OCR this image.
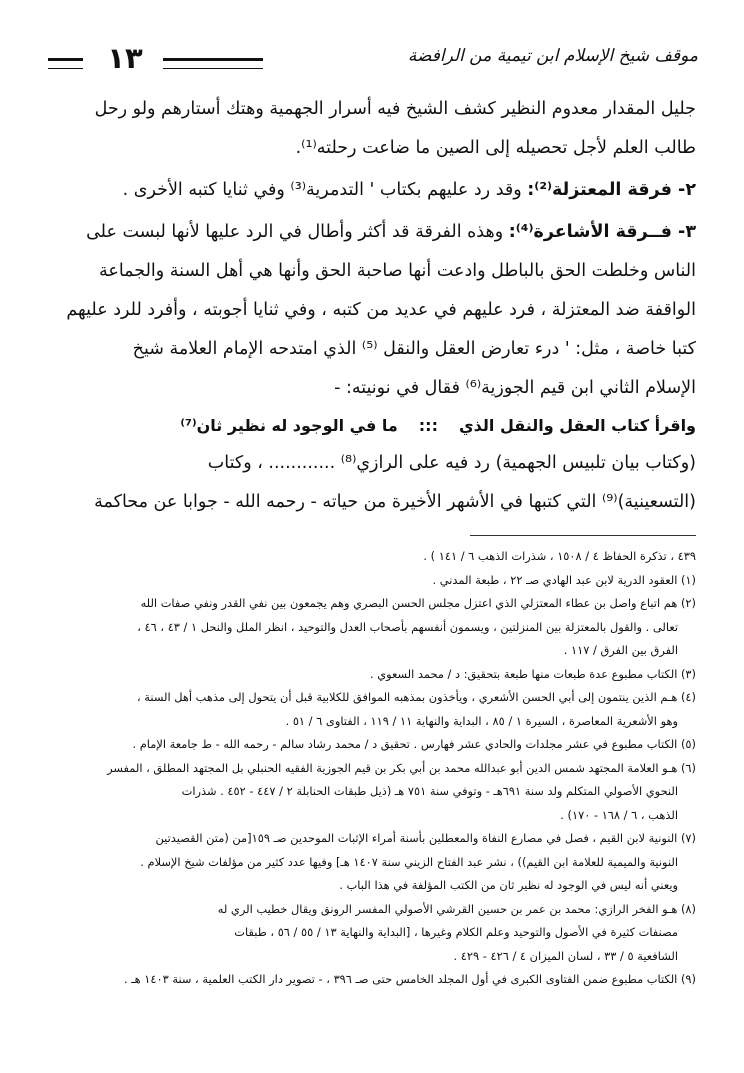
١٣	موقف شيخ الإسلام ابن تيمية من الرافضة
جليل المقدار معدوم النظير كشف الشيخ فيه أسرار الجهمية وهتك أستارهم ولو رحل
طالب العلم لأجل تحصيله إلى الصين ما ضاعت رحلته⁽¹⁾.
٢- فرقة المعتزلة⁽²⁾: وقد رد عليهم بكتاب ' التدمرية⁽³⁾ وفي ثنايا كتبه الأخرى .
٣- فــرقة الأشاعرة⁽⁴⁾: وهذه الفرقة قد أكثر وأطال في الرد عليها لأنها لبست على
الناس وخلطت الحق بالباطل وادعت أنها صاحبة الحق وأنها هي أهل السنة والجماعة
الواقفة ضد المعتزلة ، فرد عليهم في عديد من كتبه ، وفي ثنايا أجوبته ، وأفرد للرد عليهم
كتبا خاصة ، مثل: ' درء تعارض العقل والنقل ⁽⁵⁾ الذي امتدحه الإمام العلامة شيخ
الإسلام الثاني ابن قيم الجوزية⁽⁶⁾ فقال في نونيته: -
واقرأ كتاب العقل والنقل الذي ::: ما في الوجود له نظير ثان⁽⁷⁾
(وكتاب بيان تلبيس الجهمية) رد فيه على الرازي⁽⁸⁾ ............ ، وكتاب
(التسعينية)⁽⁹⁾ التي كتبها في الأشهر الأخيرة من حياته - رحمه الله - جوابا عن محاكمة
٤٣٩ ، تذكرة الحفاظ ٤ / ١٥٠٨ ، شذرات الذهب ٦ / ١٤١ ) .
(١) العقود الدرية لابن عبد الهادي صـ ٢٢ ، طبعة المدني .
(٢) هم اتباع واصل بن عطاء المعتزلي الذي اعتزل مجلس الحسن البصري وهم يجمعون بين نفي القدر ونفي صفات الله
تعالى . والقول بالمعتزلة بين المنزلتين ، ويسمون أنفسهم بأصحاب العدل والتوحيد ، انظر الملل والنحل ١ / ٤٣ ، ٤٦ ،
الفرق بين الفرق / ١١٧ .
(٣) الكتاب مطبوع عدة طبعات منها طبعة بتحقيق: د / محمد السعوي .
(٤) هـم الذين ينتمون إلى أبي الحسن الأشعري ، ويأخذون بمذهبه الموافق للكلابية قبل أن يتحول إلى مذهب أهل السنة ،
وهو الأشعرية المعاصرة ، السيرة ١ / ٨٥ ، البداية والنهاية ١١ / ١١٩ ، الفتاوى ٦ / ٥١ .
(٥) الكتاب مطبوع في عشر مجلدات والحادي عشر فهارس . تحقيق د / محمد رشاد سالم - رحمه الله - ط جامعة الإمام .
(٦) هـو العلامة المجتهد شمس الدين أبو عبدالله محمد بن أبي بكر بن قيم الجوزية الفقيه الحنبلي بل المجتهد المطلق ، المفسر
النحوي الأصولي المتكلم ولد سنة ٦٩١هـ - وتوفي سنة ٧٥١ هـ (ذيل طبقات الحنابلة ٢ / ٤٤٧ - ٤٥٢ . شذرات
الذهب ، ٦ / ١٦٨ - ١٧٠) .
(٧) النونية لابن القيم ، فصل في مصارع النفاة والمعطلين بأسنة أمراء الإثبات الموحدين صـ ١٥٩[من (متن القصيدتين
النونية والميمية للعلامة ابن القيم)) ، نشر عبد الفتاح الزيني سنة ١٤٠٧ هـ] وفيها عدد كثير من مؤلفات شيخ الإسلام .
ويعني أنه ليس في الوجود له نظير ثان من الكتب المؤلفة في هذا الباب .
(٨) هـو الفخر الرازي: محمد بن عمر بن حسين القرشي الأصولي المفسر الرونق ويقال خطيب الري له
مصنفات كثيرة في الأصول والتوحيد وعلم الكلام وغيرها ، [البداية والنهاية ١٣ / ٥٥ / ٥٦ ، طبقات
الشافعية ٥ / ٣٣ ، لسان الميزان ٤ / ٤٢٦ - ٤٢٩ .
(٩) الكتاب مطبوع ضمن الفتاوى الكبرى في أول المجلد الخامس حتى صـ ٣٩٦ ، - تصوير دار الكتب العلمية ، سنة ١٤٠٣ هـ .
